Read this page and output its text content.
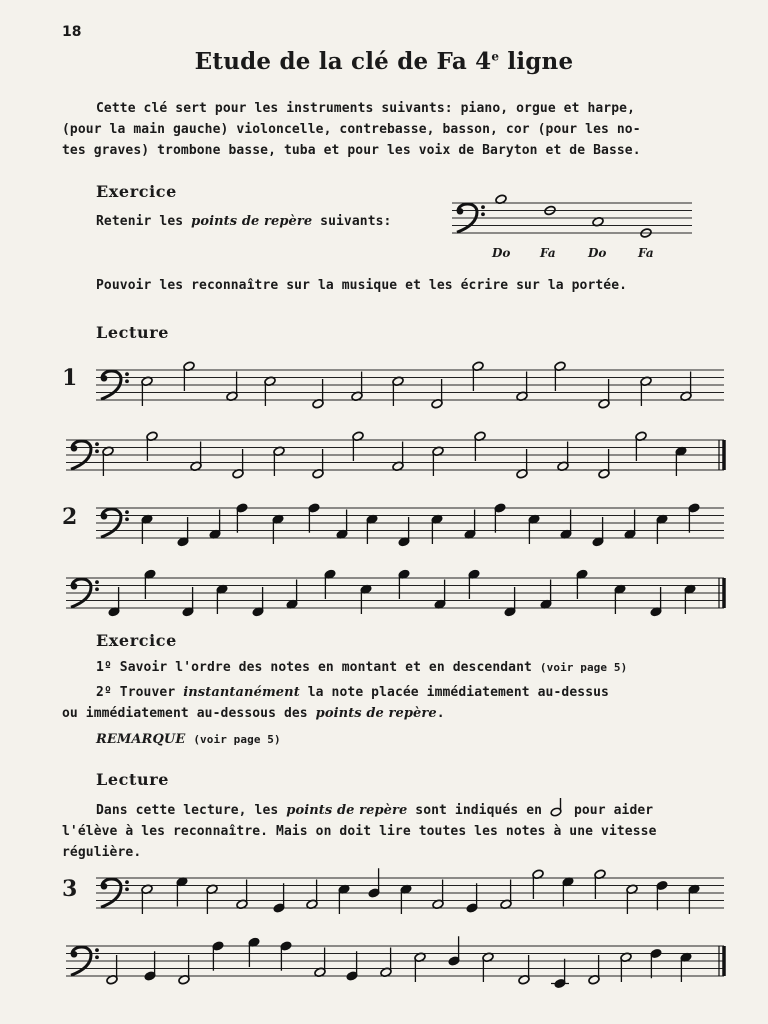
18
Etude de la clé de Fa 4e ligne
Cette clé sert pour les instruments suivants: piano, orgue et harpe,
(pour la main gauche) violoncelle, contrebasse, basson, cor (pour les no-
tes graves) trombone basse, tuba et pour les voix de Baryton et de Basse.
Exercice
Retenir les points de repère suivants:
Do Fa	Do	Fa
Pouvoir les reconnaître sur la musique et les écrire sur la portée.
Lecture
1
2
Exercice
1º Savoir l'ordre des notes en montant et en descendant (voir page 5)
2º Trouver instantanément la note placée immédiatement au-dessus
ou immédiatement au-dessous des points de repère.
REMARQUE (voir page 5)
Lecture
Dans cette lecture, les points de repère sont indiqués en  pour aider
l'élève à les reconnaître. Mais on doit lire toutes les notes à une vitesse
régulière.
3
